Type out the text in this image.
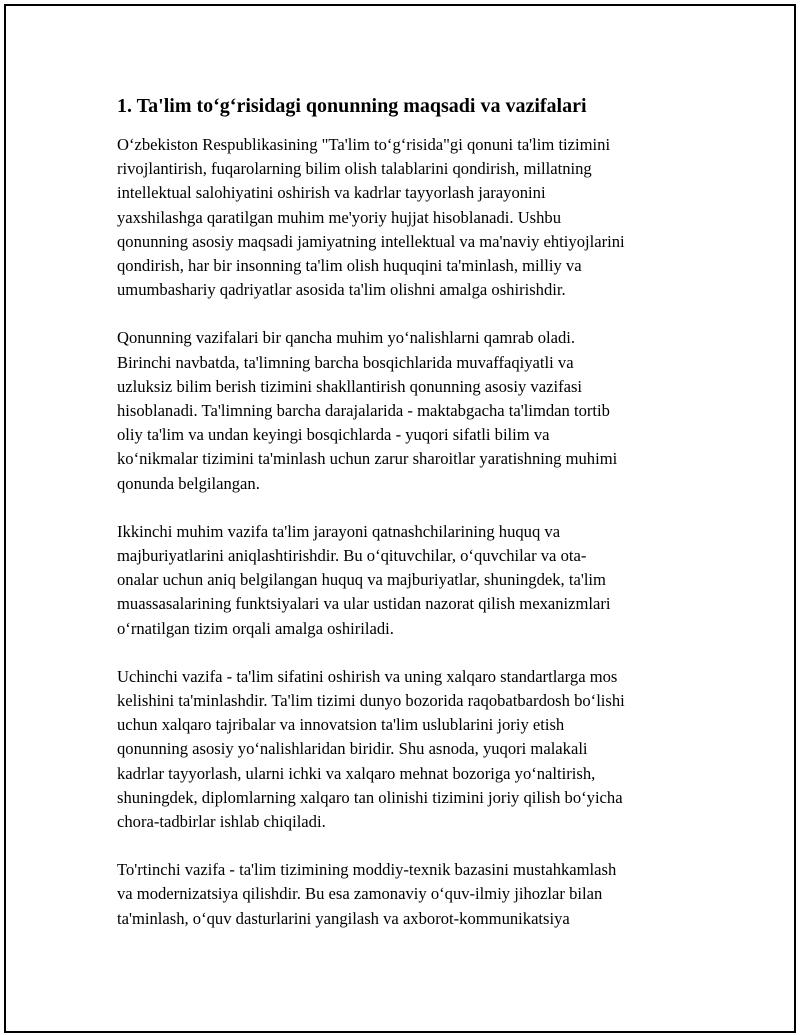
1. Ta'lim to‘g‘risidagi qonunning maqsadi va vazifalari

O‘zbekiston Respublikasining "Ta'lim to‘g‘risida"gi qonuni ta'lim tizimini
rivojlantirish, fuqarolarning bilim olish talablarini qondirish, millatning
intellektual salohiyatini oshirish va kadrlar tayyorlash jarayonini
yaxshilashga qaratilgan muhim me'yoriy hujjat hisoblanadi. Ushbu
qonunning asosiy maqsadi jamiyatning intellektual va ma'naviy ehtiyojlarini
qondirish, har bir insonning ta'lim olish huquqini ta'minlash, milliy va
umumbashariy qadriyatlar asosida ta'lim olishni amalga oshirishdir.

Qonunning vazifalari bir qancha muhim yo‘nalishlarni qamrab oladi.
Birinchi navbatda, ta'limning barcha bosqichlarida muvaffaqiyatli va
uzluksiz bilim berish tizimini shakllantirish qonunning asosiy vazifasi
hisoblanadi. Ta'limning barcha darajalarida - maktabgacha ta'limdan tortib
oliy ta'lim va undan keyingi bosqichlarda - yuqori sifatli bilim va
ko‘nikmalar tizimini ta'minlash uchun zarur sharoitlar yaratishning muhimi
qonunda belgilangan.

Ikkinchi muhim vazifa ta'lim jarayoni qatnashchilarining huquq va
majburiyatlarini aniqlashtirishdir. Bu o‘qituvchilar, o‘quvchilar va ota-
onalar uchun aniq belgilangan huquq va majburiyatlar, shuningdek, ta'lim
muassasalarining funktsiyalari va ular ustidan nazorat qilish mexanizmlari
o‘rnatilgan tizim orqali amalga oshiriladi.

Uchinchi vazifa - ta'lim sifatini oshirish va uning xalqaro standartlarga mos
kelishini ta'minlashdir. Ta'lim tizimi dunyo bozorida raqobatbardosh bo‘lishi
uchun xalqaro tajribalar va innovatsion ta'lim uslublarini joriy etish
qonunning asosiy yo‘nalishlaridan biridir. Shu asnoda, yuqori malakali
kadrlar tayyorlash, ularni ichki va xalqaro mehnat bozoriga yo‘naltirish,
shuningdek, diplomlarning xalqaro tan olinishi tizimini joriy qilish bo‘yicha
chora-tadbirlar ishlab chiqiladi.

To'rtinchi vazifa - ta'lim tizimining moddiy-texnik bazasini mustahkamlash
va modernizatsiya qilishdir. Bu esa zamonaviy o‘quv-ilmiy jihozlar bilan
ta'minlash, o‘quv dasturlarini yangilash va axborot-kommunikatsiya
